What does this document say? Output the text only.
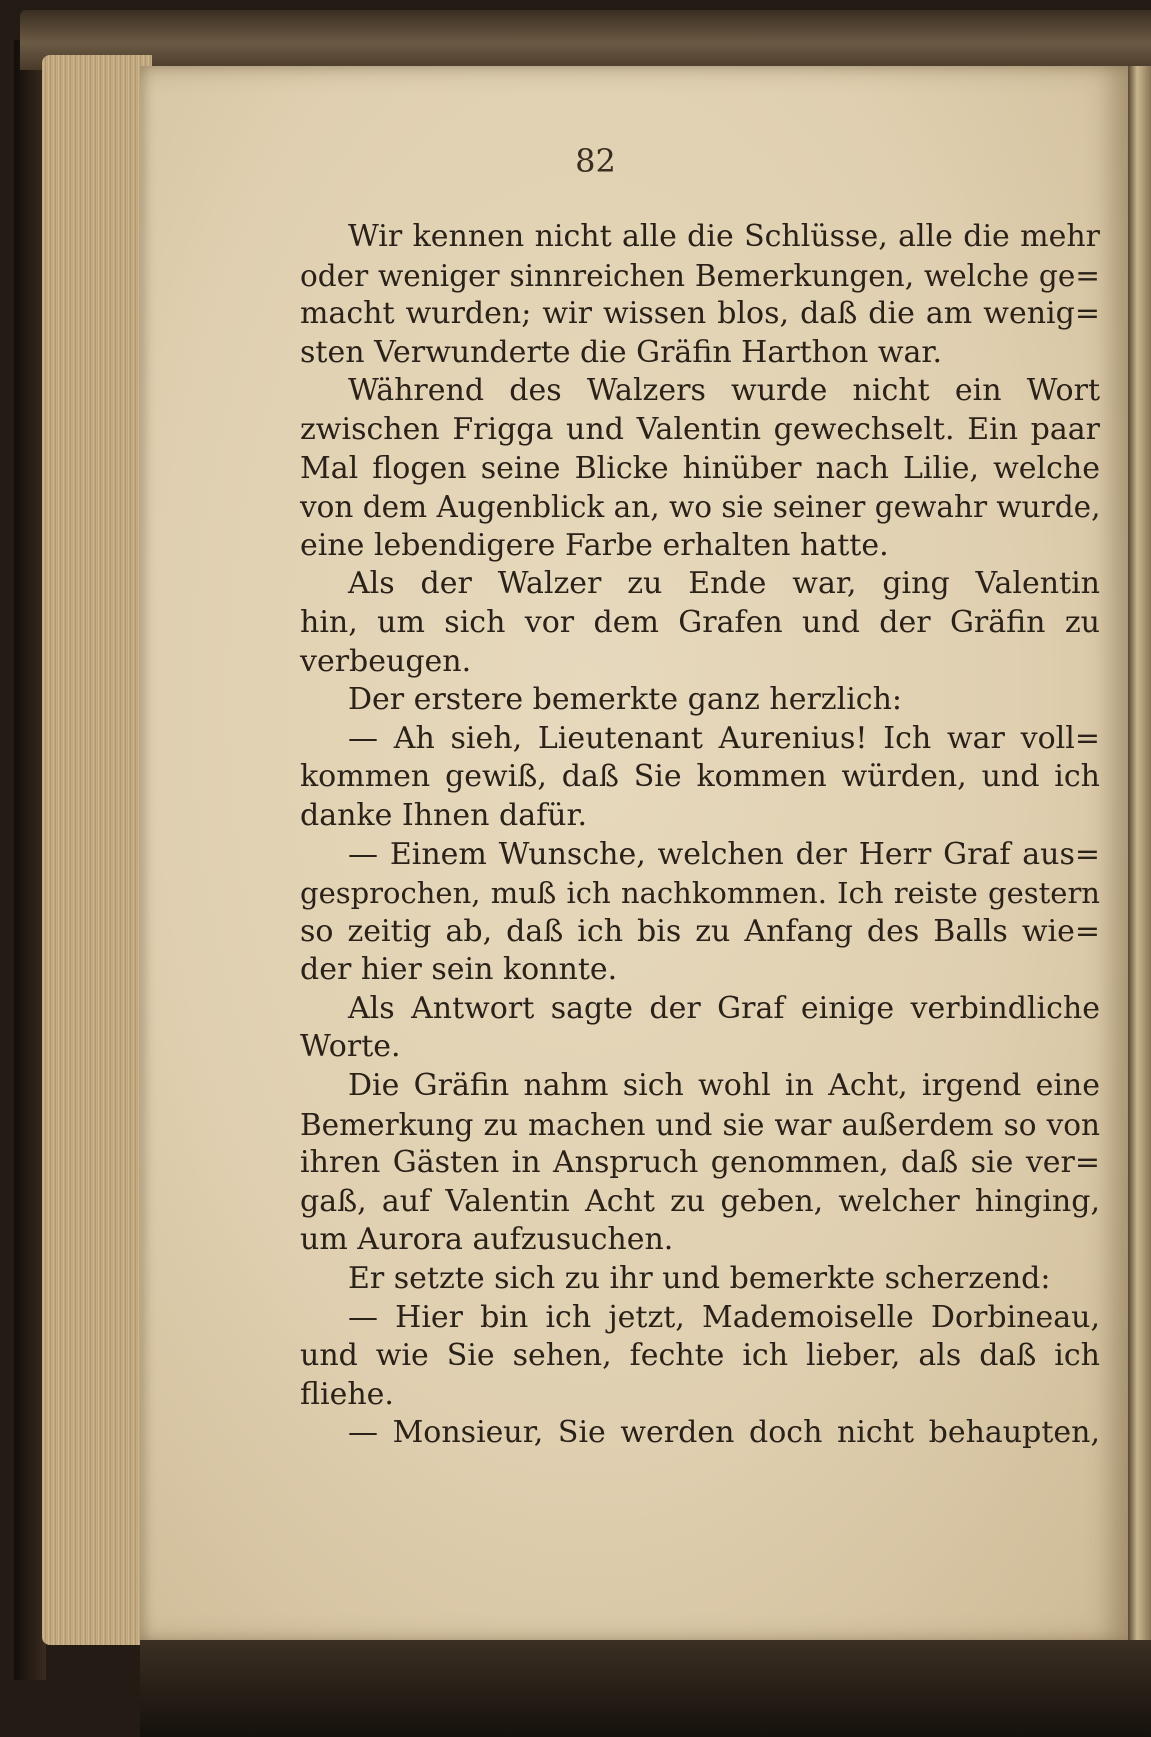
82
Wir kennen nicht alle die Schlüsse, alle die mehr
oder weniger sinnreichen Bemerkungen, welche ge=
macht wurden; wir wissen blos, daß die am wenig=
sten Verwunderte die Gräfin Harthon war.
Während des Walzers wurde nicht ein Wort
zwischen Frigga und Valentin gewechselt. Ein paar
Mal flogen seine Blicke hinüber nach Lilie, welche
von dem Augenblick an, wo sie seiner gewahr wurde,
eine lebendigere Farbe erhalten hatte.
Als der Walzer zu Ende war, ging Valentin
hin, um sich vor dem Grafen und der Gräfin zu
verbeugen.
Der erstere bemerkte ganz herzlich:
— Ah sieh, Lieutenant Aurenius! Ich war voll=
kommen gewiß, daß Sie kommen würden, und ich
danke Ihnen dafür.
— Einem Wunsche, welchen der Herr Graf aus=
gesprochen, muß ich nachkommen. Ich reiste gestern
so zeitig ab, daß ich bis zu Anfang des Balls wie=
der hier sein konnte.
Als Antwort sagte der Graf einige verbindliche
Worte.
Die Gräfin nahm sich wohl in Acht, irgend eine
Bemerkung zu machen und sie war außerdem so von
ihren Gästen in Anspruch genommen, daß sie ver=
gaß, auf Valentin Acht zu geben, welcher hinging,
um Aurora aufzusuchen.
Er setzte sich zu ihr und bemerkte scherzend:
— Hier bin ich jetzt, Mademoiselle Dorbineau,
und wie Sie sehen, fechte ich lieber, als daß ich
fliehe.
— Monsieur, Sie werden doch nicht behaupten,
